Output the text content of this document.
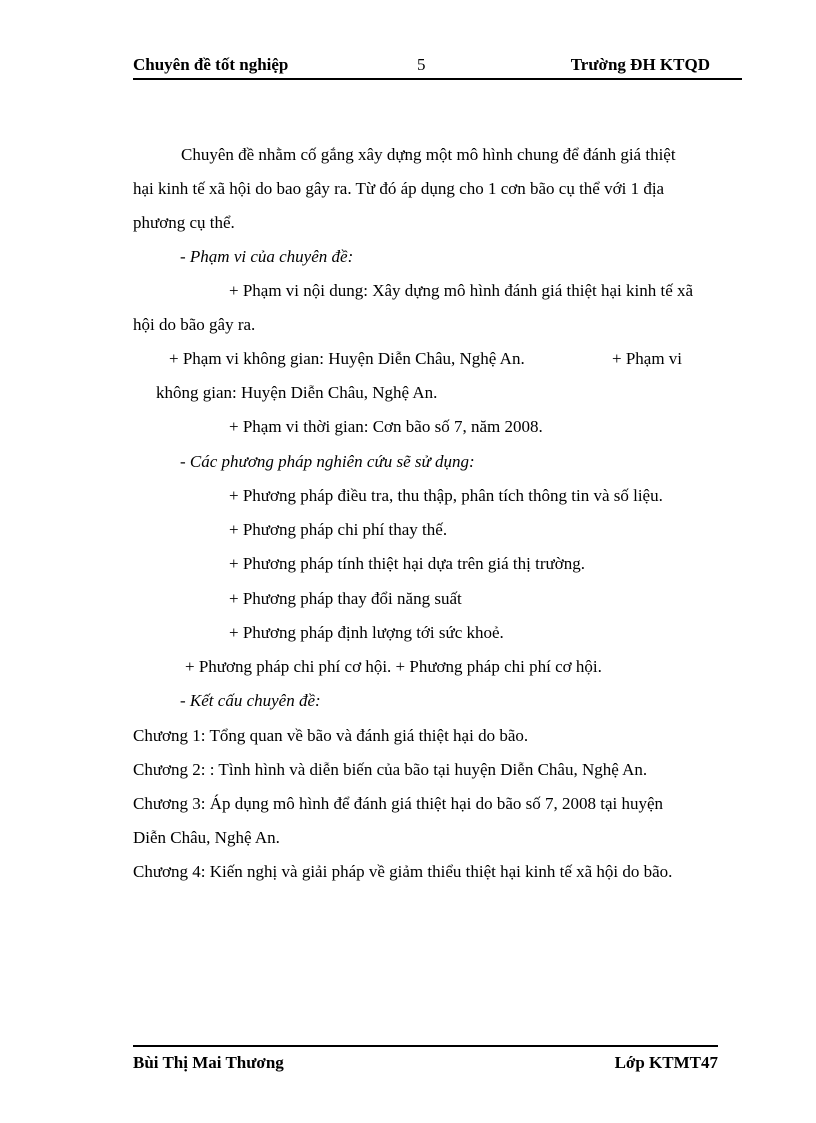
Chuyên đề tốt nghiệp	5	Trường ĐH KTQD
Chuyên đề nhằm cố gắng xây dựng một mô hình chung để đánh giá thiệt
hại kinh tế xã hội do bao gây ra. Từ đó áp dụng cho 1 cơn bão cụ thể với 1 địa
phương cụ thể.
- Phạm vi của chuyên đề:
+ Phạm vi nội dung: Xây dựng mô hình đánh giá thiệt hại kinh tế xã
hội do bão gây ra.
+ Phạm vi không gian: Huyện Diễn Châu, Nghệ An.	+ Phạm vi
không gian: Huyện Diễn Châu, Nghệ An.
+ Phạm vi thời gian: Cơn bão số 7, năm 2008.
- Các phương pháp nghiên cứu sẽ sử dụng:
+ Phương pháp điều tra, thu thập, phân tích thông tin và số liệu.
+ Phương pháp chi phí thay thế.
+ Phương pháp tính thiệt hại dựa trên giá thị trường.
+ Phương pháp thay đổi năng suất
+ Phương pháp định lượng tới sức khoẻ.
+ Phương pháp chi phí cơ hội. + Phương pháp chi phí cơ hội.
- Kết cấu chuyên đề:
Chương 1: Tổng quan về bão và đánh giá thiệt hại do bão.
Chương 2: : Tình hình và diễn biến của bão tại huyện Diễn Châu, Nghệ An.
Chương 3: Áp dụng mô hình để đánh giá thiệt hại do bão số 7, 2008 tại huyện
Diễn Châu, Nghệ An.
Chương 4: Kiến nghị và giải pháp về giảm thiểu thiệt hại kinh tế xã hội do bão.
Bùi Thị Mai Thương	Lớp KTMT47
